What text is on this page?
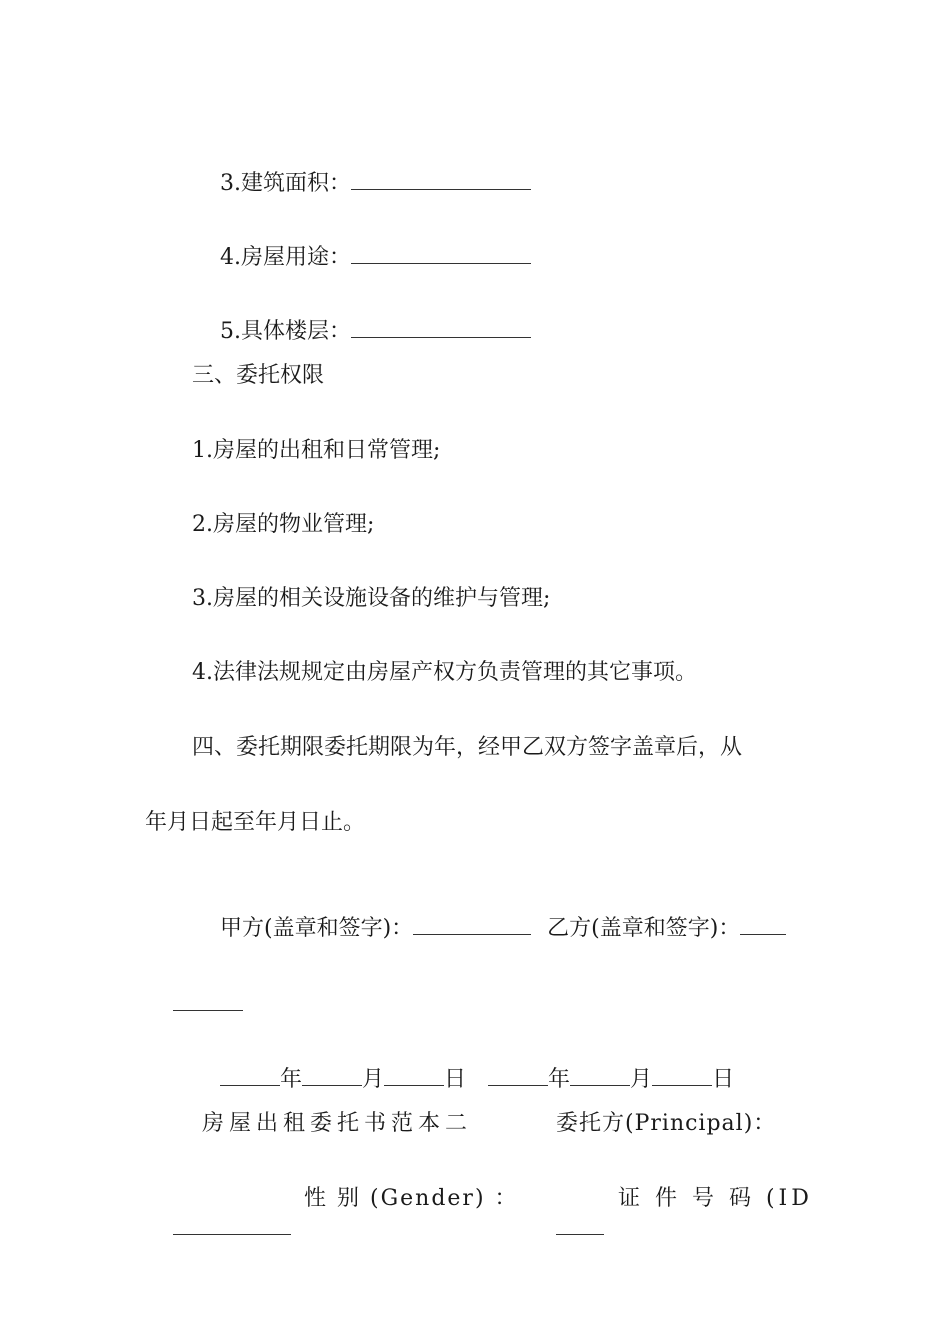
3.建筑面积：

4.房屋用途：

5.具体楼层：

三、委托权限
1.房屋的出租和日常管理;
2.房屋的物业管理;
3.房屋的相关设施设备的维护与管理;
4.法律法规规定由房屋产权方负责管理的其它事项。
四、委托期限委托期限为年，经甲乙双方签字盖章后，从
年月日起至年月日止。

甲方(盖章和签字)：	乙方(盖章和签字)：

年	月	日	年	月	日

房屋出租委托书范本二	委托方(Principal)：

性 别 (Gender) ：

	证 件 号 码 (ID
